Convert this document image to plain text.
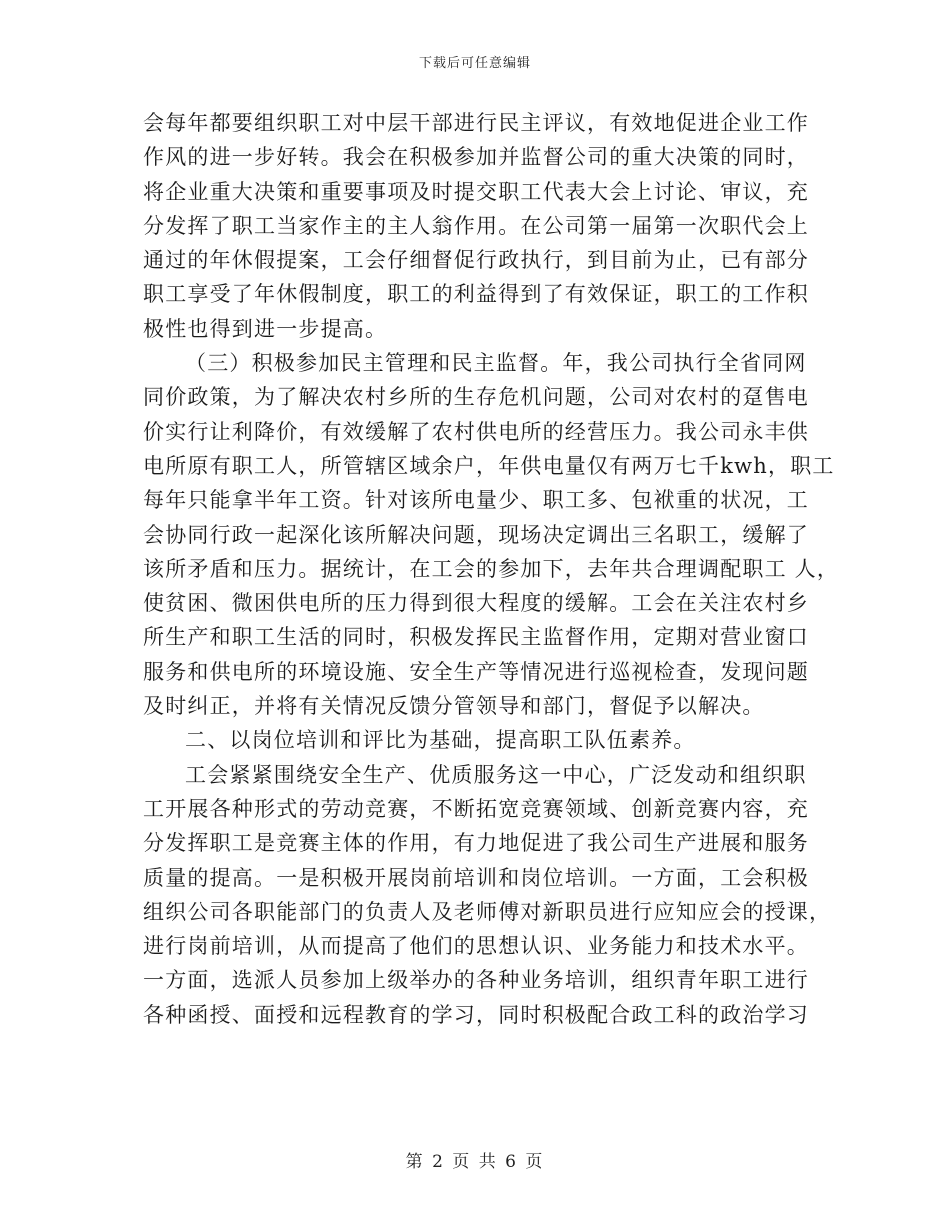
下载后可任意编辑
会每年都要组织职工对中层干部进行民主评议，有效地促进企业工作
作风的进一步好转。我会在积极参加并监督公司的重大决策的同时，
将企业重大决策和重要事项及时提交职工代表大会上讨论、审议，充
分发挥了职工当家作主的主人翁作用。在公司第一届第一次职代会上
通过的年休假提案，工会仔细督促行政执行，到目前为止，已有部分
职工享受了年休假制度，职工的利益得到了有效保证，职工的工作积
极性也得到进一步提高。
（三）积极参加民主管理和民主监督。年，我公司执行全省同网
同价政策，为了解决农村乡所的生存危机问题，公司对农村的趸售电
价实行让利降价，有效缓解了农村供电所的经营压力。我公司永丰供
电所原有职工人，所管辖区域余户，年供电量仅有两万七千kwh，职工
每年只能拿半年工资。针对该所电量少、职工多、包袱重的状况，工
会协同行政一起深化该所解决问题，现场决定调出三名职工，缓解了
该所矛盾和压力。据统计，在工会的参加下，去年共合理调配职工 人，
使贫困、微困供电所的压力得到很大程度的缓解。工会在关注农村乡
所生产和职工生活的同时，积极发挥民主监督作用，定期对营业窗口
服务和供电所的环境设施、安全生产等情况进行巡视检查，发现问题
及时纠正，并将有关情况反馈分管领导和部门，督促予以解决。
二、以岗位培训和评比为基础，提高职工队伍素养。
工会紧紧围绕安全生产、优质服务这一中心，广泛发动和组织职
工开展各种形式的劳动竞赛，不断拓宽竞赛领域、创新竞赛内容，充
分发挥职工是竞赛主体的作用，有力地促进了我公司生产进展和服务
质量的提高。一是积极开展岗前培训和岗位培训。一方面，工会积极
组织公司各职能部门的负责人及老师傅对新职员进行应知应会的授课，
进行岗前培训，从而提高了他们的思想认识、业务能力和技术水平。
一方面，选派人员参加上级举办的各种业务培训，组织青年职工进行
各种函授、面授和远程教育的学习，同时积极配合政工科的政治学习
第 2 页 共 6 页
